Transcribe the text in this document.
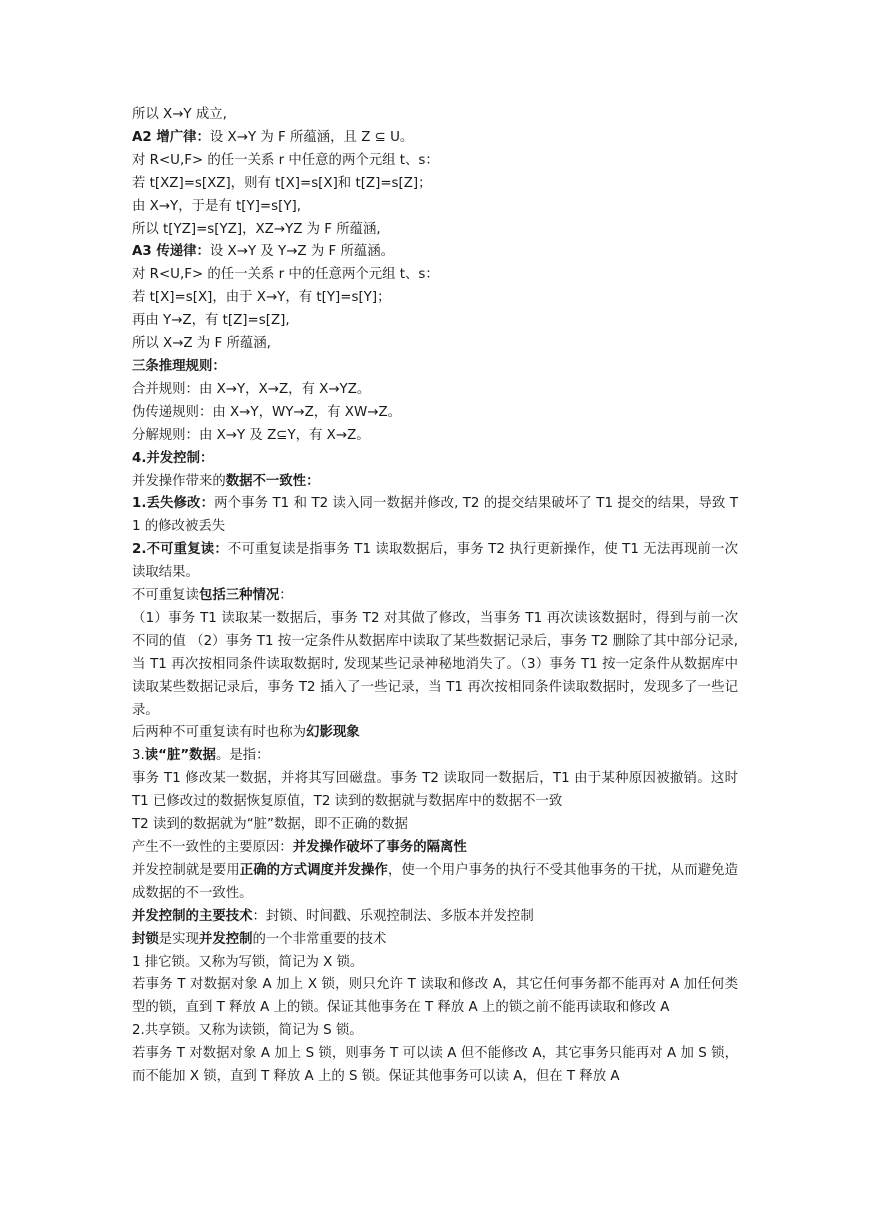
所以 X→Y 成立,
A2 增广律：设 X→Y 为 F 所蕴涵，且 Z ⊆ U。
对 R<U,F> 的任一关系 r 中任意的两个元组 t、s：
若 t[XZ]=s[XZ]，则有 t[X]=s[X]和 t[Z]=s[Z]；
由 X→Y，于是有 t[Y]=s[Y],
所以 t[YZ]=s[YZ]，XZ→YZ 为 F 所蕴涵,
A3 传递律：设 X→Y 及 Y→Z 为 F 所蕴涵。
对 R<U,F> 的任一关系 r 中的任意两个元组 t、s：
若 t[X]=s[X]，由于 X→Y，有 t[Y]=s[Y]；
再由 Y→Z，有 t[Z]=s[Z],
所以 X→Z 为 F 所蕴涵,
三条推理规则：
合并规则：由 X→Y，X→Z，有 X→YZ。
伪传递规则：由 X→Y，WY→Z，有 XW→Z。
分解规则：由 X→Y 及 Z⊆Y，有 X→Z。
4.并发控制：
并发操作带来的数据不一致性：
1.丢失修改：两个事务 T1 和 T2 读入同一数据并修改, T2 的提交结果破坏了 T1 提交的结果，导致 T1 的修改被丢失
2.不可重复读：不可重复读是指事务 T1 读取数据后，事务 T2 执行更新操作，使 T1 无法再现前一次读取结果。
不可重复读包括三种情况：
（1）事务 T1 读取某一数据后，事务 T2 对其做了修改，当事务 T1 再次读该数据时，得到与前一次不同的值 （2）事务 T1 按一定条件从数据库中读取了某些数据记录后，事务 T2 删除了其中部分记录, 当 T1 再次按相同条件读取数据时, 发现某些记录神秘地消失了。（3）事务 T1 按一定条件从数据库中读取某些数据记录后，事务 T2 插入了一些记录，当 T1 再次按相同条件读取数据时，发现多了一些记录。
后两种不可重复读有时也称为幻影现象
3.读“脏”数据。是指：
事务 T1 修改某一数据，并将其写回磁盘。事务 T2 读取同一数据后，T1 由于某种原因被撤销。这时 T1 已修改过的数据恢复原值，T2 读到的数据就与数据库中的数据不一致
T2 读到的数据就为“脏”数据，即不正确的数据
产生不一致性的主要原因：并发操作破坏了事务的隔离性
并发控制就是要用正确的方式调度并发操作，使一个用户事务的执行不受其他事务的干扰，从而避免造成数据的不一致性。
并发控制的主要技术：封锁、时间戳、乐观控制法、多版本并发控制
封锁是实现并发控制的一个非常重要的技术
1 排它锁。又称为写锁，简记为 X 锁。
若事务 T 对数据对象 A 加上 X 锁，则只允许 T 读取和修改 A，其它任何事务都不能再对 A 加任何类型的锁，直到 T 释放 A 上的锁。保证其他事务在 T 释放 A 上的锁之前不能再读取和修改 A
2.共享锁。又称为读锁，简记为 S 锁。
若事务 T 对数据对象 A 加上 S 锁，则事务 T 可以读 A 但不能修改 A，其它事务只能再对 A 加 S 锁，而不能加 X 锁，直到 T 释放 A 上的 S 锁。保证其他事务可以读 A，但在 T 释放 A
